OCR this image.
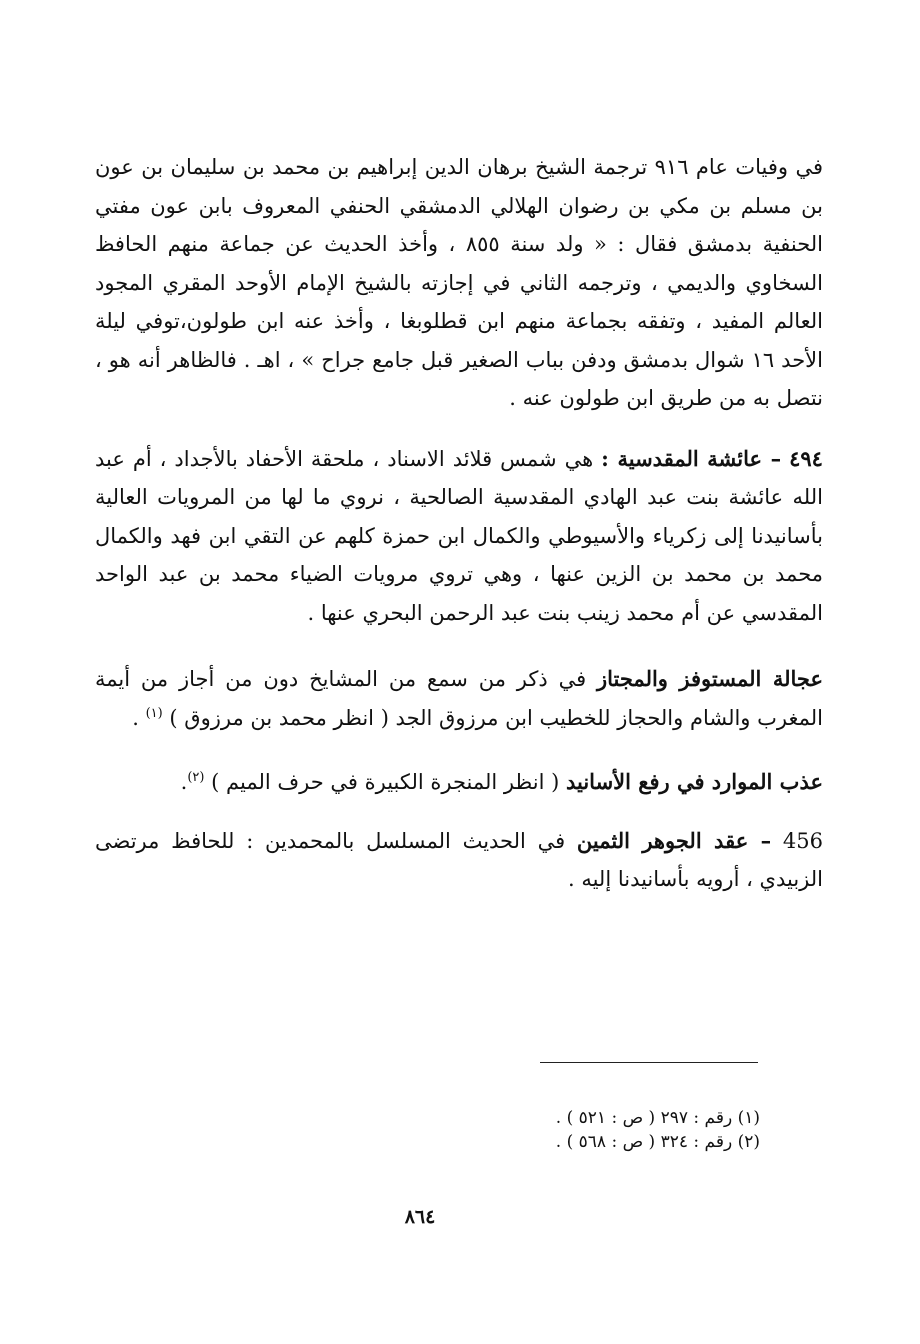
في وفيات عام ٩١٦ ترجمة الشيخ برهان الدين إبراهيم بن محمد بن سليمان بن عون بن مسلم بن مكي بن رضوان الهلالي الدمشقي الحنفي المعروف بابن عون مفتي الحنفية بدمشق فقال : « ولد سنة ٨٥٥ ، وأخذ الحديث عن جماعة منهم الحافظ السخاوي والديمي ، وترجمه الثاني في إجازته بالشيخ الإمام الأوحد المقري المجود العالم المفيد ، وتفقه بجماعة منهم ابن قطلوبغا ، وأخذ عنه ابن طولون،توفي ليلة الأحد ١٦ شوال بدمشق ودفن بباب الصغير قبل جامع جراح » ، اهـ . فالظاهر أنه هو ، نتصل به من طريق ابن طولون عنه .

٤٩٤ – عائشة المقدسية : هي شمس قلائد الاسناد ، ملحقة الأحفاد بالأجداد ، أم عبد الله عائشة بنت عبد الهادي المقدسية الصالحية ، نروي ما لها من المرويات العالية بأسانيدنا إلى زكرياء والأسيوطي والكمال ابن حمزة كلهم عن التقي ابن فهد والكمال محمد بن محمد بن الزين عنها ، وهي تروي مرويات الضياء محمد بن عبد الواحد المقدسي عن أم محمد زينب بنت عبد الرحمن البحري عنها .

عجالة المستوفز والمجتاز في ذكر من سمع من المشايخ دون من أجاز من أيمة المغرب والشام والحجاز للخطيب ابن مرزوق الجد ( انظر محمد بن مرزوق ) $^{(١)}$ .

عذب الموارد في رفع الأسانيد ( انظر المنجرة الكبيرة في حرف الميم ) $^{(٢)}$.

456 – عقد الجوهر الثمين في الحديث المسلسل بالمحمدين : للحافظ مرتضى الزبيدي ، أرويه بأسانيدنا إليه .

(١) رقم : ٢٩٧ ( ص : ٥٢١ ) .
(٢) رقم : ٣٢٤ ( ص : ٥٦٨ ) .
٨٦٤
